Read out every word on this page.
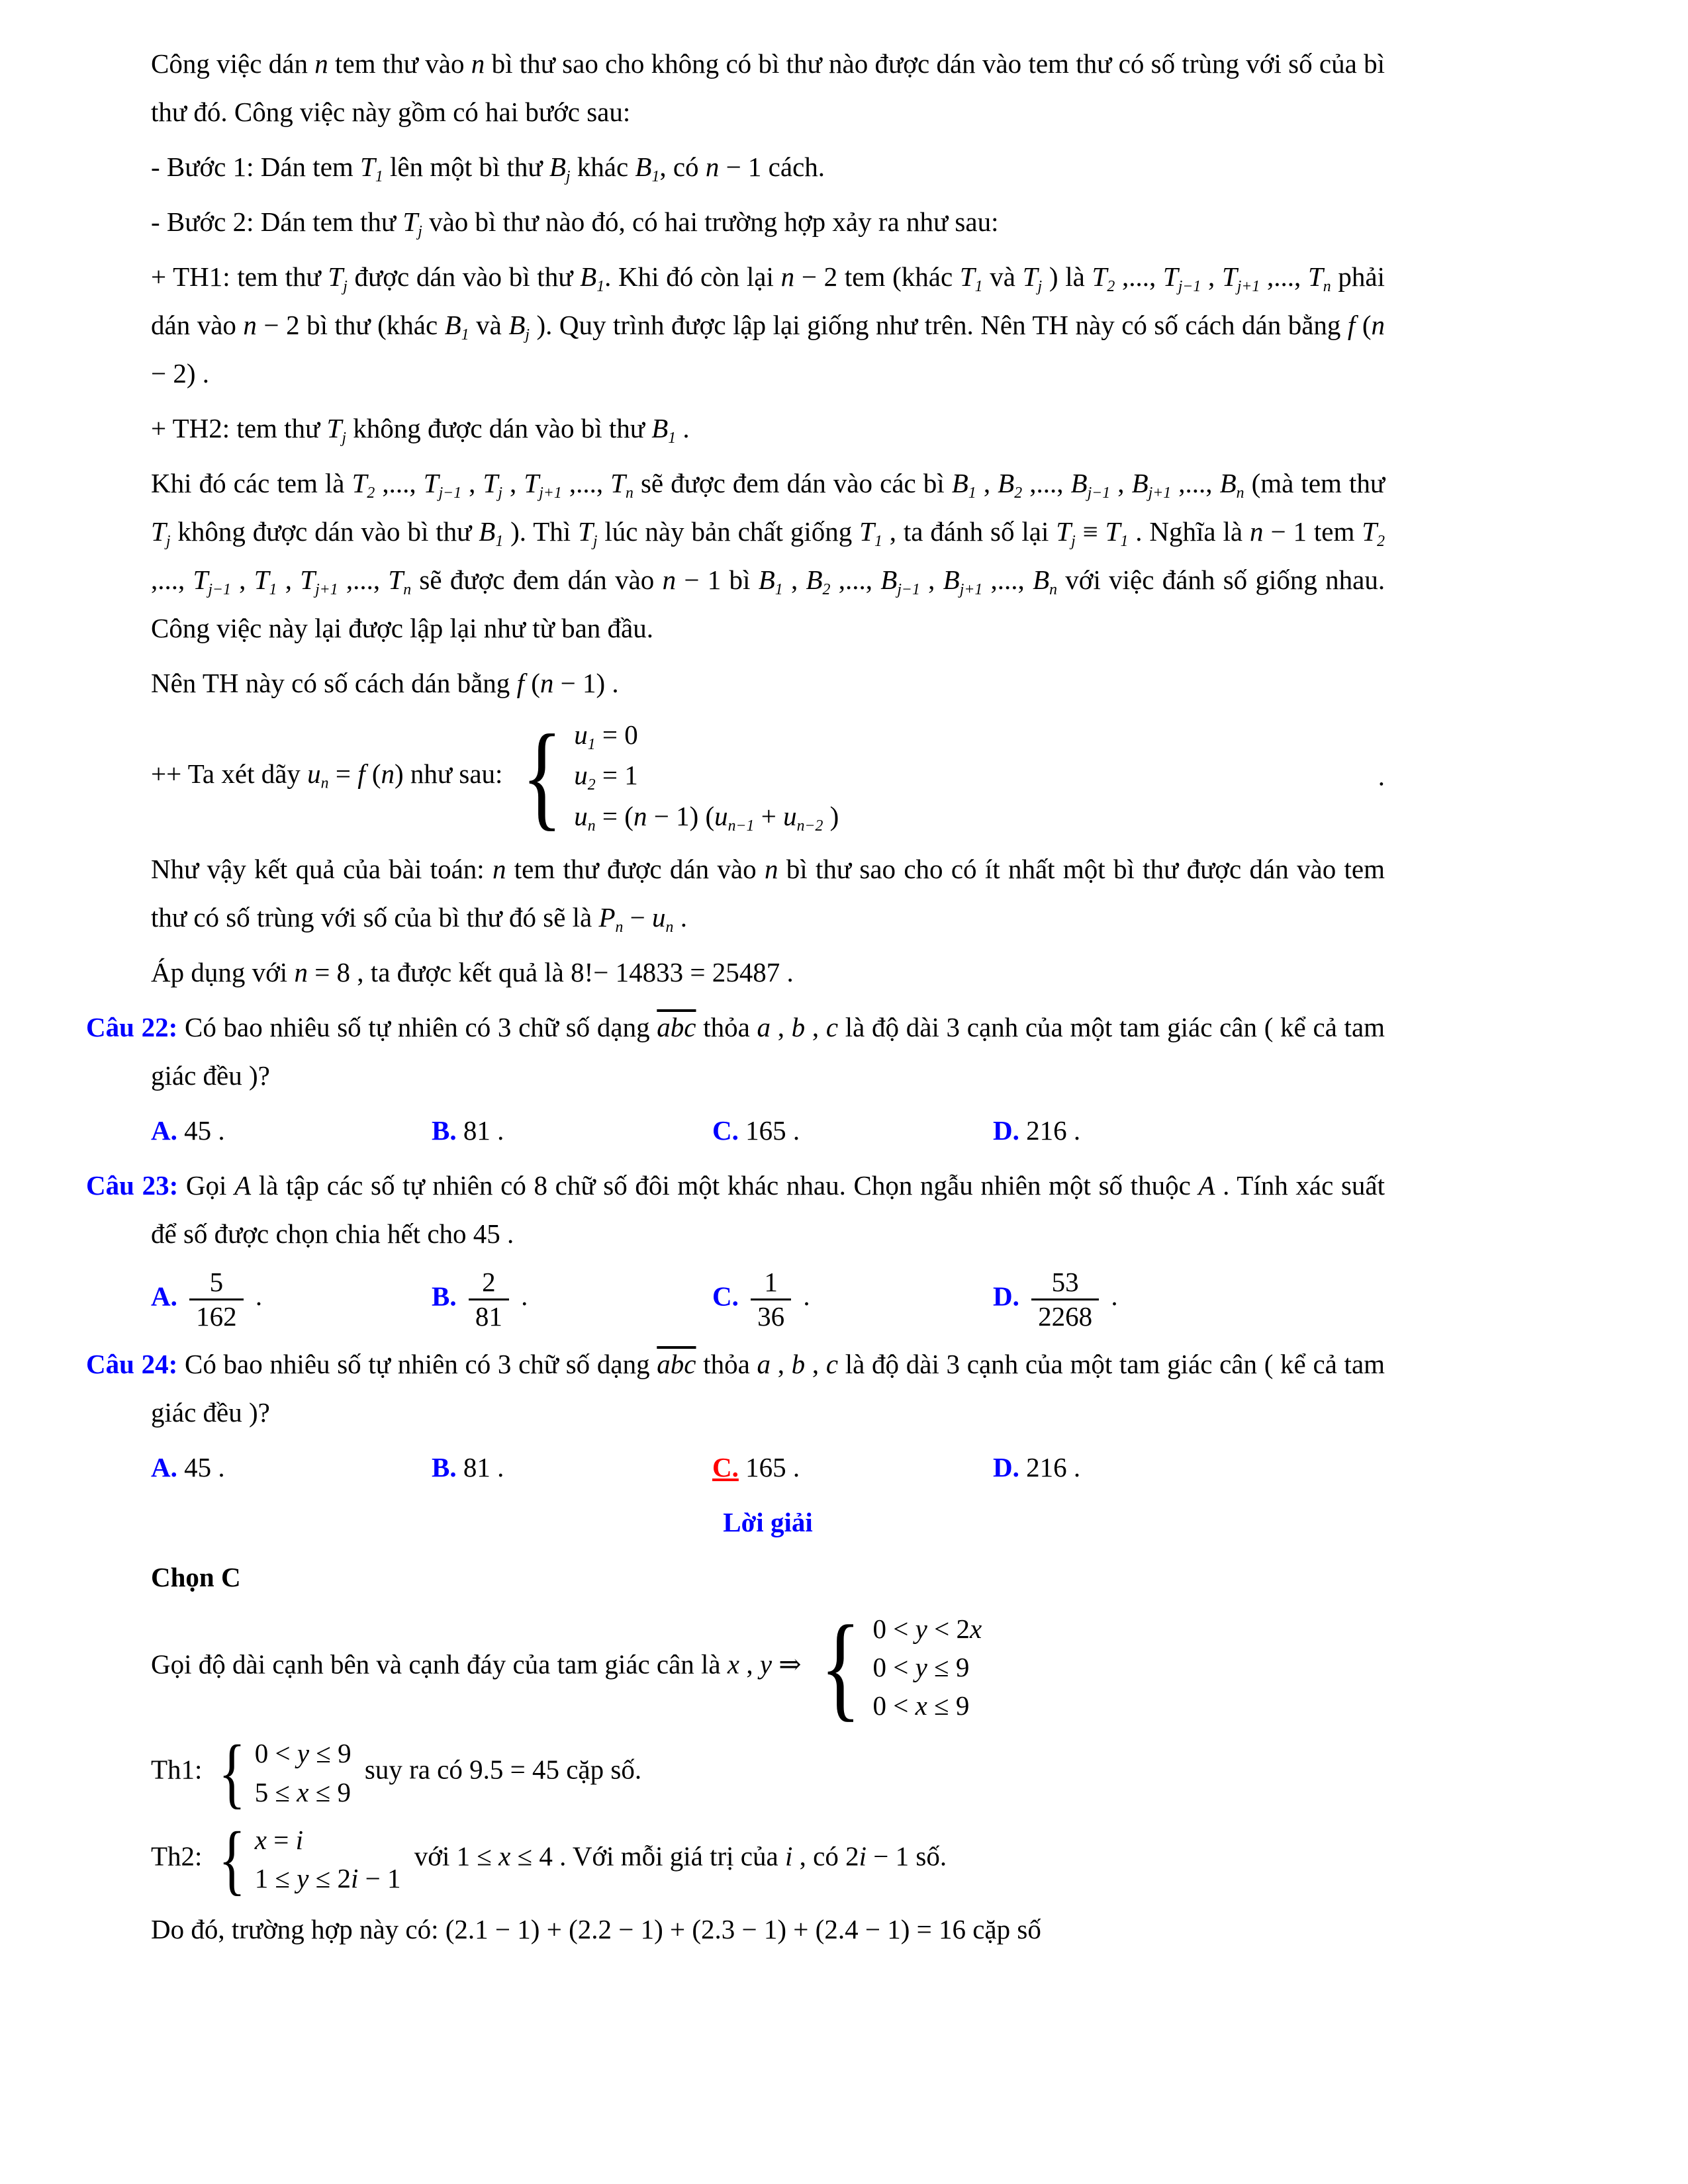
Công việc dán n tem thư vào n bì thư sao cho không có bì thư nào được dán vào tem thư có số trùng với số của bì thư đó. Công việc này gồm có hai bước sau:
- Bước 1: Dán tem T1 lên một bì thư Bj khác B1, có n − 1 cách.
- Bước 2: Dán tem thư Tj vào bì thư nào đó, có hai trường hợp xảy ra như sau:
+ TH1: tem thư Tj được dán vào bì thư B1. Khi đó còn lại n − 2 tem (khác T1 và Tj ) là T2 ,..., Tj−1 , Tj+1 ,..., Tn phải dán vào n − 2 bì thư (khác B1 và Bj ). Quy trình được lập lại giống như trên. Nên TH này có số cách dán bằng f (n − 2) .
+ TH2: tem thư Tj không được dán vào bì thư B1 .
Khi đó các tem là T2 ,..., Tj−1 , Tj , Tj+1 ,..., Tn sẽ được đem dán vào các bì B1 , B2 ,..., Bj−1 , Bj+1 ,..., Bn (mà tem thư Tj không được dán vào bì thư B1 ). Thì Tj lúc này bản chất giống T1 , ta đánh số lại Tj ≡ T1 . Nghĩa là n − 1 tem T2 ,..., Tj−1 , T1 , Tj+1 ,..., Tn sẽ được đem dán vào n − 1 bì B1 , B2 ,..., Bj−1 , Bj+1 ,..., Bn với việc đánh số giống nhau. Công việc này lại được lập lại như từ ban đầu.
Nên TH này có số cách dán bằng f (n − 1) .
++ Ta xét dãy un = f (n) như sau: { u1 = 0
u2 = 1
un = (n − 1) (un−1 + un−2 )
.
Như vậy kết quả của bài toán: n tem thư được dán vào n bì thư sao cho có ít nhất một bì thư được dán vào tem thư có số trùng với số của bì thư đó sẽ là Pn − un .
Áp dụng với n = 8 , ta được kết quả là 8!− 14833 = 25487 .
Câu 22: Có bao nhiêu số tự nhiên có 3 chữ số dạng $\overline{abc}$ thỏa a , b , c là độ dài 3 cạnh của một tam giác cân ( kể cả tam giác đều )?
A. 45 .	B. 81 .	C. 165 .	D. 216 .
Câu 23: Gọi A là tập các số tự nhiên có 8 chữ số đôi một khác nhau. Chọn ngẫu nhiên một số thuộc A . Tính xác suất để số được chọn chia hết cho 45 .
A. $\frac{5}{162}$ .	B. $\frac{2}{81}$ .	C. $\frac{1}{36}$ .	D. $\frac{53}{2268}$ .
Câu 24: Có bao nhiêu số tự nhiên có 3 chữ số dạng $\overline{abc}$ thỏa a , b , c là độ dài 3 cạnh của một tam giác cân ( kể cả tam giác đều )?
A. 45 .	B. 81 .	C. 165 .	D. 216 .
Lời giải
Chọn C
Gọi độ dài cạnh bên và cạnh đáy của tam giác cân là x , y ⇒ { 0 < y < 2x
0 < y ≤ 9
0 < x ≤ 9
Th1: { 0 < y ≤ 9
5 ≤ x ≤ 9
suy ra có 9.5 = 45 cặp số.
Th2: { x = i
1 ≤ y ≤ 2i − 1
với 1 ≤ x ≤ 4 . Với mỗi giá trị của i , có 2i − 1 số.
Do đó, trường hợp này có: (2.1 − 1) + (2.2 − 1) + (2.3 − 1) + (2.4 − 1) = 16 cặp số
